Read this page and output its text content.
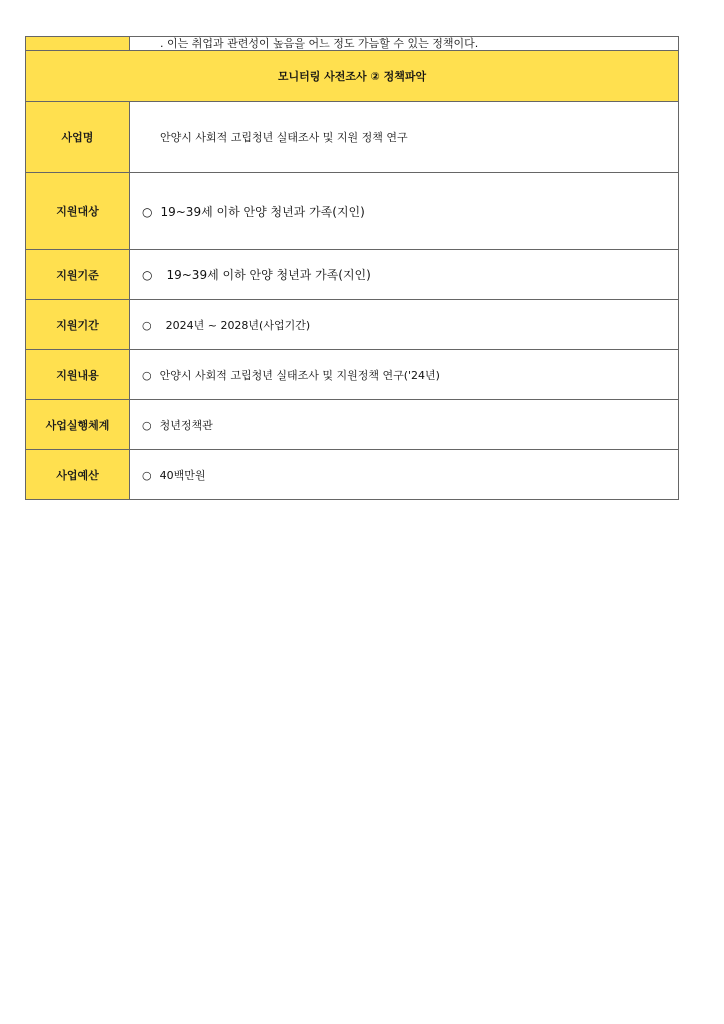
	. 이는 취업과 관련성이 높음을 어느 정도 가늠할 수 있는 정책이다.
모니터링 사전조사 ② 정책파악	
사업명	안양시 사회적 고립청년 실태조사 및 지원 정책 연구
지원대상	○ 19~39세 이하 안양 청년과 가족(지인)
지원기준	○ 19~39세 이하 안양 청년과 가족(지인)
지원기간	○ 2024년 ~ 2028년(사업기간)
지원내용	○ 안양시 사회적 고립청년 실태조사 및 지원정책 연구('24년)
사업실행체계	○ 청년정책관
사업예산	○ 40백만원
